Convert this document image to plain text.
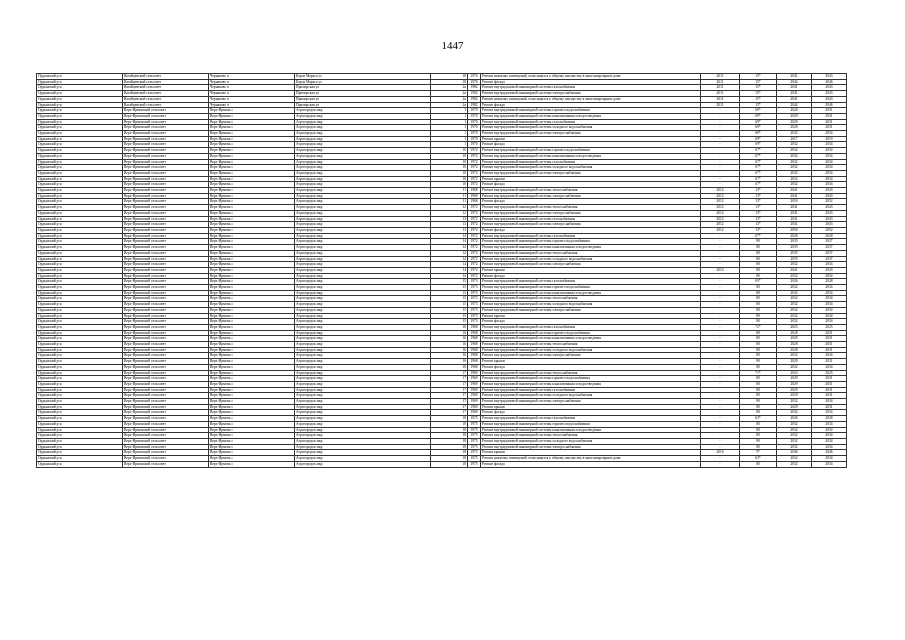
1447
Ордынский р-н	Вагайцевский сельсовет	Чернаково п	Карла Маркса ул	18	1976	Ремонт нежилых помещений, относящихся к общему имуществу в многоквартирном доме	2011	15*	2041	2043
Ордынский р-н	Вагайцевский сельсовет	Чернаково п	Карла Маркса ул	18	1976	Ремонт фасада	2011	15*	2044	2046
Ордынский р-н	Вагайцевский сельсовет	Чернаково п	Приморская ул	2а	1982	Ремонт внутридомовой инженерной системы газоснабжения	2011	15*	2041	2043
Ордынский р-н	Вагайцевский сельсовет	Чернаково п	Приморская ул	2а	1982	Ремонт внутридомовой инженерной системы электроснабжения	2011	15*	2041	2043
Ордынский р-н	Вагайцевский сельсовет	Чернаково п	Приморская ул	2а	1982	Ремонт нежилых помещений, относящихся к общему имуществу в многоквартирном доме	2011	15*	2041	2043
Ордынский р-н	Вагайцевский сельсовет	Чернаково п	Приморская ул	2а	1982	Ремонт фасада	2011	15*	2044	2046
Ордынский р-н	Верх-Ирменский сельсовет	Верх-Ирмень с	Агрогородок мкр	1	1970	Ремонт внутридомовой инженерной системы горячего водоснабжения	-	69*	2028	2031
Ордынский р-н	Верх-Ирменский сельсовет	Верх-Ирмень с	Агрогородок мкр	1	1970	Ремонт внутридомовой инженерной системы канализования и водоотведения	-	69*	2029	2031
Ордынский р-н	Верх-Ирменский сельсовет	Верх-Ирмень с	Агрогородок мкр	1	1970	Ремонт внутридомовой инженерной системы газоснабжения	-	69*	2029	2031
Ордынский р-н	Верх-Ирменский сельсовет	Верх-Ирмень с	Агрогородок мкр	1	1970	Ремонт внутридомовой инженерной системы холодного водоснабжения	-	69*	2028	2031
Ордынский р-н	Верх-Ирменский сельсовет	Верх-Ирмень с	Агрогородок мкр	1	1970	Ремонт внутридомовой инженерной системы электроснабжения	-	69*	2032	2034
Ордынский р-н	Верх-Ирменский сельсовет	Верх-Ирмень с	Агрогородок мкр	1	1970	Ремонт крыши	-	69*	2017	2019
Ордынский р-н	Верх-Ирменский сельсовет	Верх-Ирмень с	Агрогородок мкр	1	1970	Ремонт фасада	-	69*	2032	2034
Ордынский р-н	Верх-Ирменский сельсовет	Верх-Ирмень с	Агрогородок мкр	10	1972	Ремонт внутридомовой инженерной системы горячего водоснабжения	-	67*	2032	2034
Ордынский р-н	Верх-Ирменский сельсовет	Верх-Ирмень с	Агрогородок мкр	10	1972	Ремонт внутридомовой инженерной системы канализования и водоотведения	-	67*	2032	2034
Ордынский р-н	Верх-Ирменский сельсовет	Верх-Ирмень с	Агрогородок мкр	10	1972	Ремонт внутридомовой инженерной системы газоснабжения	-	67*	2032	2034
Ордынский р-н	Верх-Ирменский сельсовет	Верх-Ирмень с	Агрогородок мкр	10	1972	Ремонт внутридомовой инженерной системы холодного водоснабжения	-	67*	2032	2034
Ордынский р-н	Верх-Ирменский сельсовет	Верх-Ирмень с	Агрогородок мкр	10	1972	Ремонт внутридомовой инженерной системы электроснабжения	-	67*	2032	2034
Ордынский р-н	Верх-Ирменский сельсовет	Верх-Ирмень с	Агрогородок мкр	10	1972	Ремонт крыши	-	67*	2032	2034
Ордынский р-н	Верх-Ирменский сельсовет	Верх-Ирмень с	Агрогородок мкр	10	1972	Ремонт фасада	-	67*	2032	2034
Ордынский р-н	Верх-Ирменский сельсовет	Верх-Ирмень с	Агрогородок мкр	11	1968	Ремонт внутридомовой инженерной системы теплоснабжения	2012	13*	2041	2043
Ордынский р-н	Верх-Ирменский сельсовет	Верх-Ирмень с	Агрогородок мкр	11	1968	Ремонт внутридомовой инженерной системы электроснабжения	2012	13*	2041	2043
Ордынский р-н	Верх-Ирменский сельсовет	Верх-Ирмень с	Агрогородок мкр	11	1968	Ремонт фасада	2012	13*	2050	2052
Ордынский р-н	Верх-Ирменский сельсовет	Верх-Ирмень с	Агрогородок мкр	12	1972	Ремонт внутридомовой инженерной системы теплоснабжения	2012	13*	2041	2043
Ордынский р-н	Верх-Ирменский сельсовет	Верх-Ирмень с	Агрогородок мкр	12	1972	Ремонт внутридомовой инженерной системы электроснабжения	2012	13*	2041	2043
Ордынский р-н	Верх-Ирменский сельсовет	Верх-Ирмень с	Агрогородок мкр	13	1972	Ремонт внутридомовой инженерной системы газоснабжения	2012	13*	2041	2043
Ордынский р-н	Верх-Ирменский сельсовет	Верх-Ирмень с	Агрогородок мкр	13	1972	Ремонт внутридомовой инженерной системы электроснабжения	2012	13*	2041	2043
Ордынский р-н	Верх-Ирменский сельсовет	Верх-Ирмень с	Агрогородок мкр	13	1972	Ремонт фасада	2012	13*	2050	2052
Ордынский р-н	Верх-Ирменский сельсовет	Верх-Ирмень с	Агрогородок мкр	14	1972	Ремонт внутридомовой инженерной системы газоснабжения	-	67*	2026	2028
Ордынский р-н	Верх-Ирменский сельсовет	Верх-Ирмень с	Агрогородок мкр	14	1972	Ремонт внутридомовой инженерной системы горячего водоснабжения	-	80	2035	2037
Ордынский р-н	Верх-Ирменский сельсовет	Верх-Ирмень с	Агрогородок мкр	14	1972	Ремонт внутридомовой инженерной системы канализования и водоотведения	-	80	2035	2037
Ордынский р-н	Верх-Ирменский сельсовет	Верх-Ирмень с	Агрогородок мкр	14	1972	Ремонт внутридомовой инженерной системы теплоснабжения	-	80	2035	2037
Ордынский р-н	Верх-Ирменский сельсовет	Верх-Ирмень с	Агрогородок мкр	14	1972	Ремонт внутридомовой инженерной системы холодного водоснабжения	-	80	2035	2037
Ордынский р-н	Верх-Ирменский сельсовет	Верх-Ирмень с	Агрогородок мкр	14	1972	Ремонт внутридомовой инженерной системы электроснабжения	-	80	2032	2034
Ордынский р-н	Верх-Ирменский сельсовет	Верх-Ирмень с	Агрогородок мкр	14	1972	Ремонт крыши	2014	80	2041	2043
Ордынский р-н	Верх-Ирменский сельсовет	Верх-Ирмень с	Агрогородок мкр	14	1972	Ремонт фасада	-	80	2032	2034
Ордынский р-н	Верх-Ирменский сельсовет	Верх-Ирмень с	Агрогородок мкр	15	1973	Ремонт внутридомовой инженерной системы газоснабжения	-	65*	2026	2028
Ордынский р-н	Верх-Ирменский сельсовет	Верх-Ирмень с	Агрогородок мкр	15	1973	Ремонт внутридомовой инженерной системы горячего водоснабжения	-	80	2032	2034
Ордынский р-н	Верх-Ирменский сельсовет	Верх-Ирмень с	Агрогородок мкр	15	1973	Ремонт внутридомовой инженерной системы канализования и водоотведения	-	80	2032	2034
Ордынский р-н	Верх-Ирменский сельсовет	Верх-Ирмень с	Агрогородок мкр	15	1973	Ремонт внутридомовой инженерной системы теплоснабжения	-	80	2032	2034
Ордынский р-н	Верх-Ирменский сельсовет	Верх-Ирмень с	Агрогородок мкр	15	1973	Ремонт внутридомовой инженерной системы холодного водоснабжения	-	80	2032	2034
Ордынский р-н	Верх-Ирменский сельсовет	Верх-Ирмень с	Агрогородок мкр	15	1973	Ремонт внутридомовой инженерной системы электроснабжения	-	80	2032	2034
Ордынский р-н	Верх-Ирменский сельсовет	Верх-Ирмень с	Агрогородок мкр	15	1973	Ремонт крыши	-	80	2032	2034
Ордынский р-н	Верх-Ирменский сельсовет	Верх-Ирмень с	Агрогородок мкр	15	1973	Ремонт фасада	-	80	2032	2034
Ордынский р-н	Верх-Ирменский сельсовет	Верх-Ирмень с	Агрогородок мкр	16	1968	Ремонт внутридомовой инженерной системы газоснабжения	-	72*	2023	2025
Ордынский р-н	Верх-Ирменский сельсовет	Верх-Ирмень с	Агрогородок мкр	16	1968	Ремонт внутридомовой инженерной системы горячего водоснабжения	-	80	2028	2031
Ордынский р-н	Верх-Ирменский сельсовет	Верх-Ирмень с	Агрогородок мкр	16	1968	Ремонт внутридомовой инженерной системы канализования и водоотведения	-	80	2029	2031
Ордынский р-н	Верх-Ирменский сельсовет	Верх-Ирмень с	Агрогородок мкр	16	1968	Ремонт внутридомовой инженерной системы теплоснабжения	-	80	2028	2031
Ордынский р-н	Верх-Ирменский сельсовет	Верх-Ирмень с	Агрогородок мкр	16	1968	Ремонт внутридомовой инженерной системы холодного водоснабжения	-	80	2028	2031
Ордынский р-н	Верх-Ирменский сельсовет	Верх-Ирмень с	Агрогородок мкр	16	1968	Ремонт внутридомовой инженерной системы электроснабжения	-	80	2032	2034
Ордынский р-н	Верх-Ирменский сельсовет	Верх-Ирмень с	Агрогородок мкр	16	1968	Ремонт крыши	-	80	2029	2031
Ордынский р-н	Верх-Ирменский сельсовет	Верх-Ирмень с	Агрогородок мкр	16	1968	Ремонт фасада	-	80	2032	2034
Ордынский р-н	Верх-Ирменский сельсовет	Верх-Ирмень с	Агрогородок мкр	17	1969	Ремонт внутридомовой инженерной системы теплоснабжения	-	71*	2023	2025
Ордынский р-н	Верх-Ирменский сельсовет	Верх-Ирмень с	Агрогородок мкр	17	1969	Ремонт внутридомовой инженерной системы горячего водоснабжения	-	80	2029	2031
Ордынский р-н	Верх-Ирменский сельсовет	Верх-Ирмень с	Агрогородок мкр	17	1969	Ремонт внутридомовой инженерной системы канализования и водоотведения	-	80	2029	2031
Ордынский р-н	Верх-Ирменский сельсовет	Верх-Ирмень с	Агрогородок мкр	17	1969	Ремонт внутридомовой инженерной системы газоснабжения	-	80	2029	2031
Ордынский р-н	Верх-Ирменский сельсовет	Верх-Ирмень с	Агрогородок мкр	17	1969	Ремонт внутридомовой инженерной системы холодного водоснабжения	-	80	2029	2031
Ордынский р-н	Верх-Ирменский сельсовет	Верх-Ирмень с	Агрогородок мкр	17	1969	Ремонт внутридомовой инженерной системы электроснабжения	-	80	2032	2034
Ордынский р-н	Верх-Ирменский сельсовет	Верх-Ирмень с	Агрогородок мкр	17	1969	Ремонт крыши	-	80	2029	2031
Ордынский р-н	Верх-Ирменский сельсовет	Верх-Ирмень с	Агрогородок мкр	17	1969	Ремонт фасада	-	80	2032	2034
Ордынский р-н	Верх-Ирменский сельсовет	Верх-Ирмень с	Агрогородок мкр	18	1975	Ремонт внутридомовой инженерной системы газоснабжения	-	63*	2026	2028
Ордынский р-н	Верх-Ирменский сельсовет	Верх-Ирмень с	Агрогородок мкр	18	1975	Ремонт внутридомовой инженерной системы горячего водоснабжения	-	80	2032	2034
Ордынский р-н	Верх-Ирменский сельсовет	Верх-Ирмень с	Агрогородок мкр	18	1975	Ремонт внутридомовой инженерной системы канализования и водоотведения	-	80	2032	2034
Ордынский р-н	Верх-Ирменский сельсовет	Верх-Ирмень с	Агрогородок мкр	18	1975	Ремонт внутридомовой инженерной системы теплоснабжения	-	80	2032	2034
Ордынский р-н	Верх-Ирменский сельсовет	Верх-Ирмень с	Агрогородок мкр	18	1975	Ремонт внутридомовой инженерной системы холодного водоснабжения	-	80	2032	2034
Ордынский р-н	Верх-Ирменский сельсовет	Верх-Ирмень с	Агрогородок мкр	18	1975	Ремонт внутридомовой инженерной системы электроснабжения	-	80	2032	2034
Ордынский р-н	Верх-Ирменский сельсовет	Верх-Ирмень с	Агрогородок мкр	18	1975	Ремонт крыши	2016	5*	2046	2046
Ордынский р-н	Верх-Ирменский сельсовет	Верх-Ирмень с	Агрогородок мкр	18	1975	Ремонт нежилых помещений, относящихся к общему имуществу в многоквартирном доме	-	63*	2032	2034
Ордынский р-н	Верх-Ирменский сельсовет	Верх-Ирмень с	Агрогородок мкр	18	1975	Ремонт фасада	-	80	2032	2034
